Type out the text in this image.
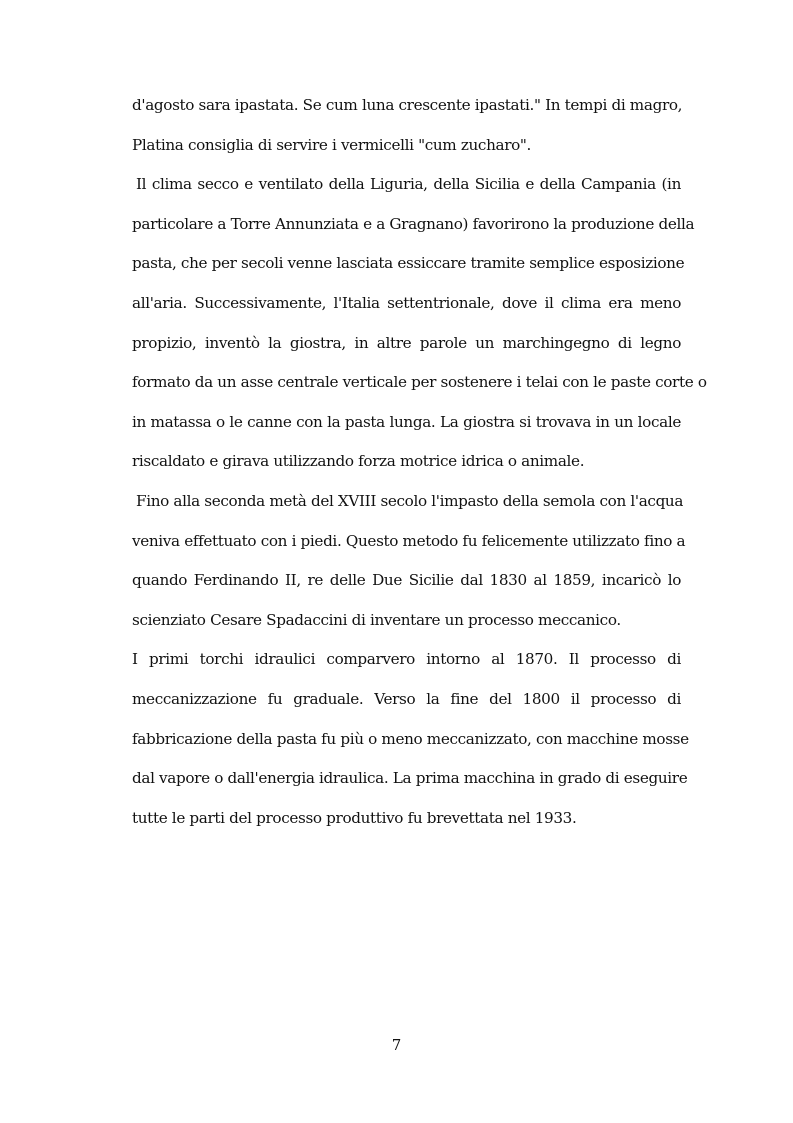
d'agosto sara ipastata. Se cum luna crescente ipastati." In tempi di magro,
Platina consiglia di servire i vermicelli "cum zucharo".
Il clima secco e ventilato della Liguria, della Sicilia e della Campania (in
particolare a Torre Annunziata e a Gragnano) favorirono la produzione della
pasta, che per secoli venne lasciata essiccare tramite semplice esposizione
all'aria. Successivamente, l'Italia settentrionale, dove il clima era meno
propizio, inventò la giostra, in altre parole un marchingegno di legno
formato da un asse centrale verticale per sostenere i telai con le paste corte o
in matassa o le canne con la pasta lunga. La giostra si trovava in un locale
riscaldato e girava utilizzando forza motrice idrica o animale.
Fino alla seconda metà del XVIII secolo l'impasto della semola con l'acqua
veniva effettuato con i piedi. Questo metodo fu felicemente utilizzato fino a
quando Ferdinando II, re delle Due Sicilie dal 1830 al 1859, incaricò lo
scienziato Cesare Spadaccini di inventare un processo meccanico.
I primi torchi idraulici comparvero intorno al 1870. Il processo di
meccanizzazione fu graduale. Verso la fine del 1800 il processo di
fabbricazione della pasta fu più o meno meccanizzato, con macchine mosse
dal vapore o dall'energia idraulica. La prima macchina in grado di eseguire
tutte le parti del processo produttivo fu brevettata nel 1933.
7
